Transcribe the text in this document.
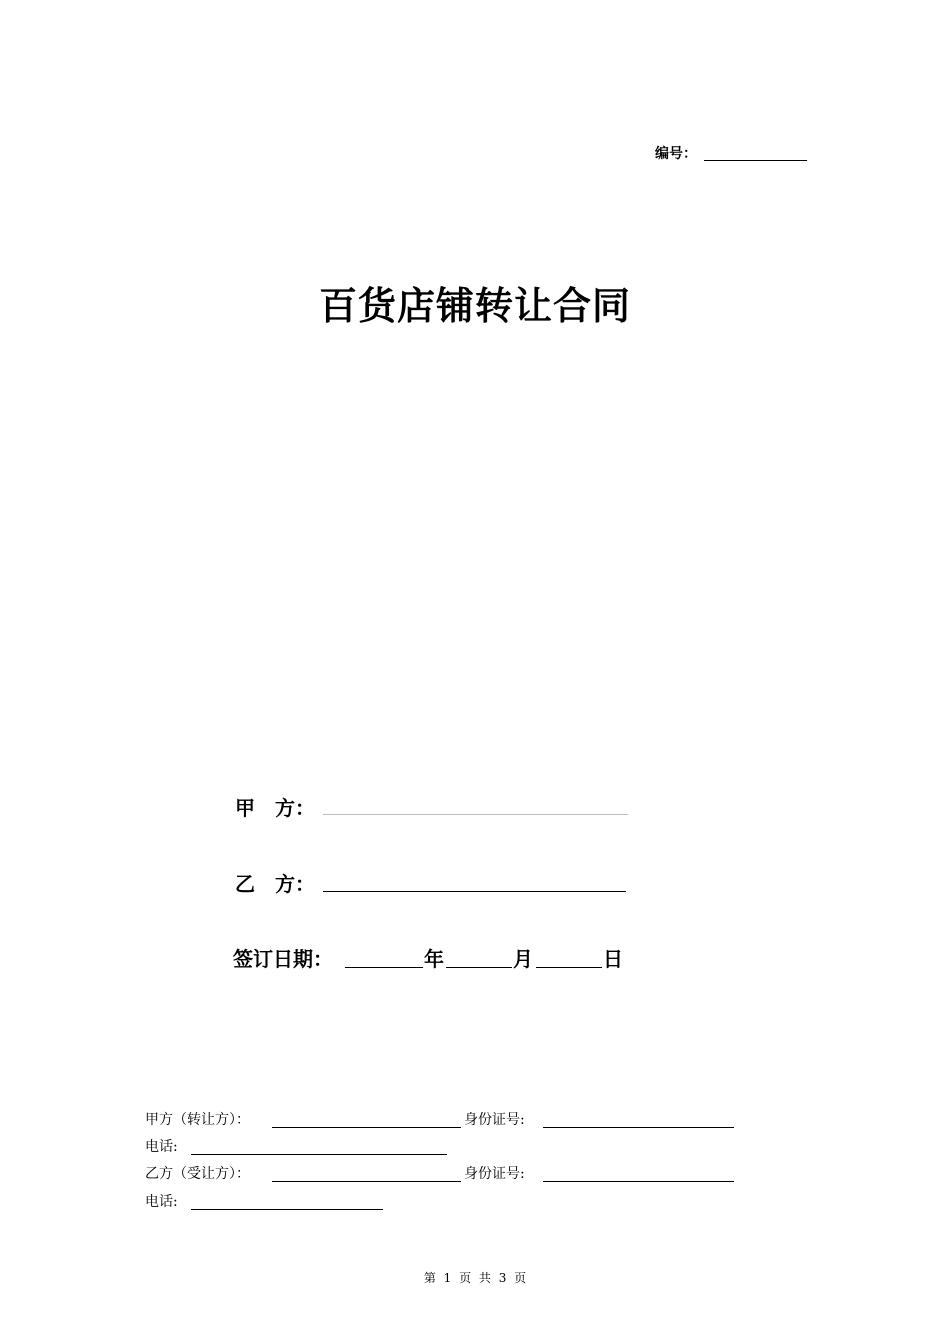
编号：
百货店铺转让合同
甲　方：
乙　方：
签订日期：	年	月	日
甲方（转让方）：	身份证号:
电话:
乙方（受让方）：	身份证号:
电话:
第 1 页 共 3 页
